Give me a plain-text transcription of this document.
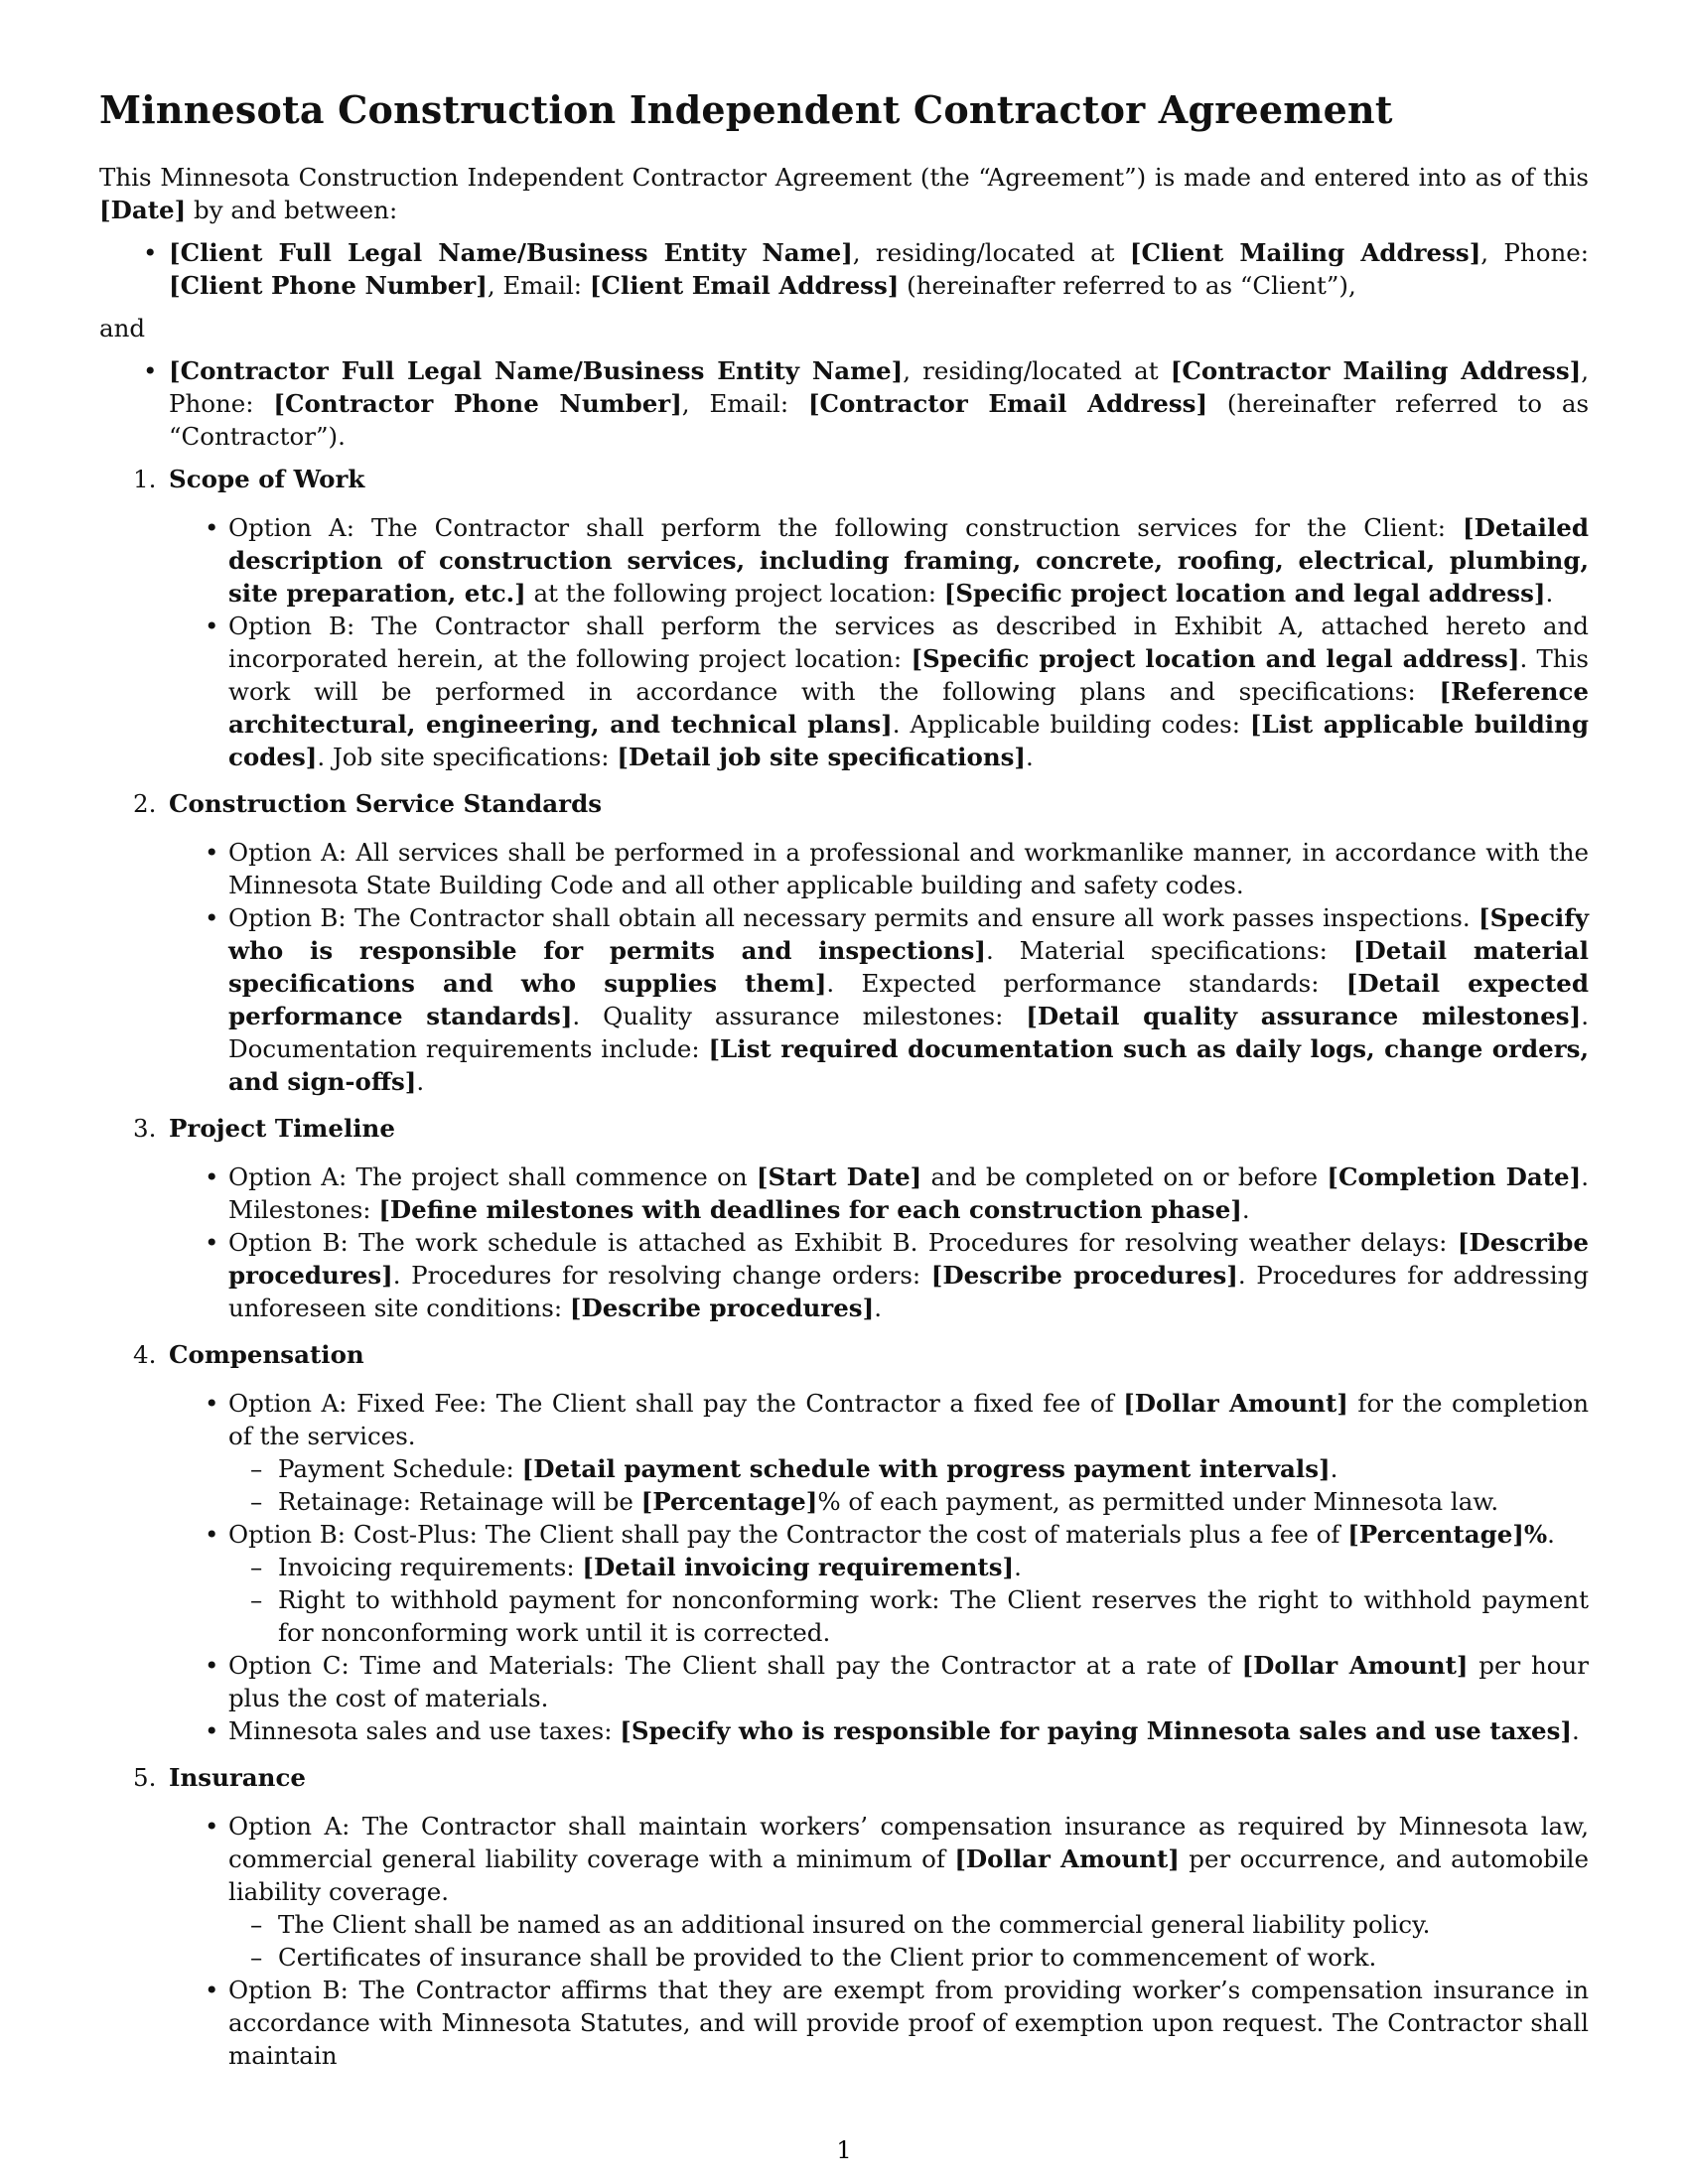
Minnesota Construction Independent Contractor Agreement

This Minnesota Construction Independent Contractor Agreement (the “Agreement”) is made and entered into as of this [Date] by and between:

• [Client Full Legal Name/Business Entity Name], residing/located at [Client Mailing Address], Phone: [Client Phone Number], Email: [Client Email Address] (hereinafter referred to as “Client”),

and

• [Contractor Full Legal Name/Business Entity Name], residing/located at [Contractor Mailing Address], Phone: [Contractor Phone Number], Email: [Contractor Email Address] (hereinafter referred to as “Contractor”).
1. Scope of Work
• Option A: The Contractor shall perform the following construction services for the Client: [Detailed description of construction services, including framing, concrete, roofing, electrical, plumbing, site preparation, etc.] at the following project location: [Specific project location and legal address].
• Option B: The Contractor shall perform the services as described in Exhibit A, attached hereto and incorporated herein, at the following project location: [Specific project location and legal address]. This work will be performed in accordance with the following plans and specifications: [Reference architectural, engineering, and technical plans]. Applicable building codes: [List applicable building codes]. Job site specifications: [Detail job site specifications].
2. Construction Service Standards
• Option A: All services shall be performed in a professional and workmanlike manner, in accordance with the Minnesota State Building Code and all other applicable building and safety codes.
• Option B: The Contractor shall obtain all necessary permits and ensure all work passes inspections. [Specify who is responsible for permits and inspections]. Material specifications: [Detail material specifications and who supplies them]. Expected performance standards: [Detail expected performance standards]. Quality assurance milestones: [Detail quality assurance milestones]. Documentation requirements include: [List required documentation such as daily logs, change orders, and sign-offs].
3. Project Timeline
• Option A: The project shall commence on [Start Date] and be completed on or before [Completion Date]. Milestones: [Define milestones with deadlines for each construction phase].
• Option B: The work schedule is attached as Exhibit B. Procedures for resolving weather delays: [Describe procedures]. Procedures for resolving change orders: [Describe procedures]. Procedures for addressing unforeseen site conditions: [Describe procedures].
4. Compensation
• Option A: Fixed Fee: The Client shall pay the Contractor a fixed fee of [Dollar Amount] for the completion of the services.
– Payment Schedule: [Detail payment schedule with progress payment intervals].
– Retainage: Retainage will be [Percentage]% of each payment, as permitted under Minnesota law.
• Option B: Cost-Plus: The Client shall pay the Contractor the cost of materials plus a fee of [Percentage]%.
– Invoicing requirements: [Detail invoicing requirements].
– Right to withhold payment for nonconforming work: The Client reserves the right to withhold payment for nonconforming work until it is corrected.
• Option C: Time and Materials: The Client shall pay the Contractor at a rate of [Dollar Amount] per hour plus the cost of materials.
• Minnesota sales and use taxes: [Specify who is responsible for paying Minnesota sales and use taxes].
5. Insurance
• Option A: The Contractor shall maintain workers’ compensation insurance as required by Minnesota law, commercial general liability coverage with a minimum of [Dollar Amount] per occurrence, and automobile liability coverage.
– The Client shall be named as an additional insured on the commercial general liability policy.
– Certificates of insurance shall be provided to the Client prior to commencement of work.
• Option B: The Contractor affirms that they are exempt from providing worker’s compensation insurance in accordance with Minnesota Statutes, and will provide proof of exemption upon request. The Contractor shall maintain
1
